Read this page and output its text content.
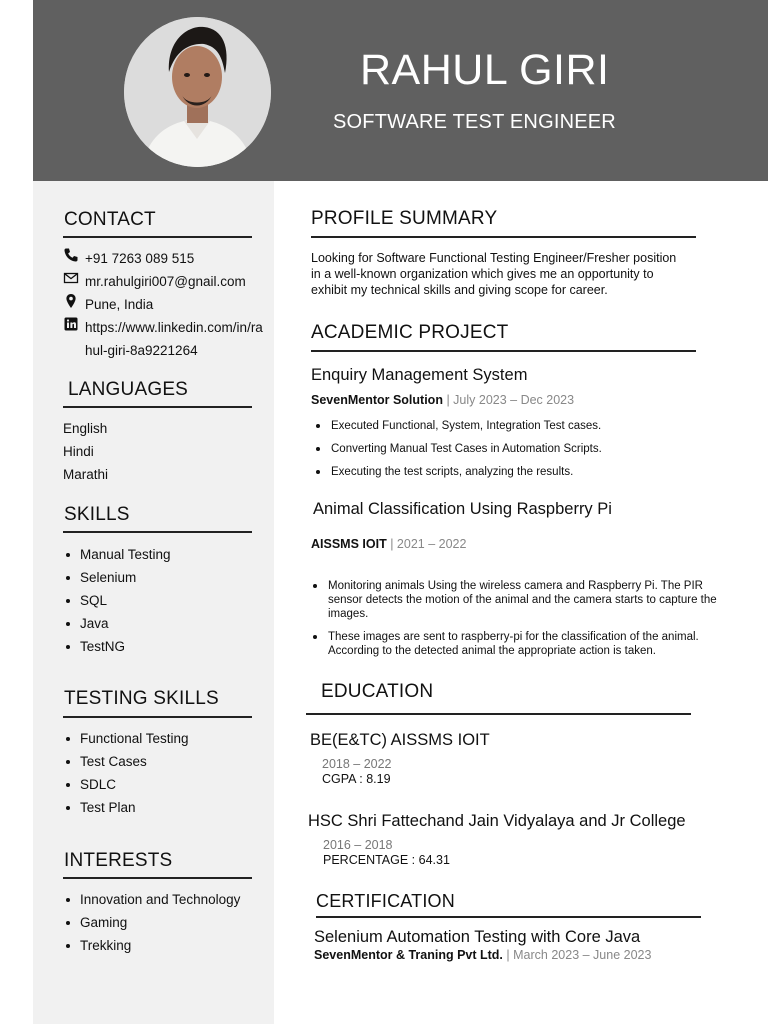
RAHUL GIRI
SOFTWARE TEST ENGINEER
CONTACT
+91 7263 089 515
mr.rahulgiri007@gnail.com
Pune, India
https://www.linkedin.com/in/ra
hul-giri-8a9221264
LANGUAGES
English
Hindi
Marathi
SKILLS
Manual Testing
Selenium
SQL
Java
TestNG
TESTING SKILLS
Functional Testing
Test Cases
SDLC
Test Plan
INTERESTS
Innovation and Technology
Gaming
Trekking
PROFILE SUMMARY
Looking for Software Functional Testing Engineer/Fresher position
in a well-known organization which gives me an opportunity to
exhibit my technical skills and giving scope for career.
ACADEMIC PROJECT
Enquiry Management System
SevenMentor Solution | July 2023 – Dec 2023
Executed Functional, System, Integration Test cases.
Converting Manual Test Cases in Automation Scripts.
Executing the test scripts, analyzing the results.
Animal Classification Using Raspberry Pi
AISSMS IOIT | 2021 – 2022
Monitoring animals Using the wireless camera and Raspberry Pi. The PIR sensor detects the motion of the animal and the camera starts to capture the images.
These images are sent to raspberry-pi for the classification of the animal. According to the detected animal the appropriate action is taken.
EDUCATION
BE(E&TC) AISSMS IOIT
2018 – 2022
CGPA : 8.19
HSC Shri Fattechand Jain Vidyalaya and Jr College
2016 – 2018
PERCENTAGE : 64.31
CERTIFICATION
Selenium Automation Testing with Core Java
SevenMentor & Traning Pvt Ltd. | March 2023 – June 2023
